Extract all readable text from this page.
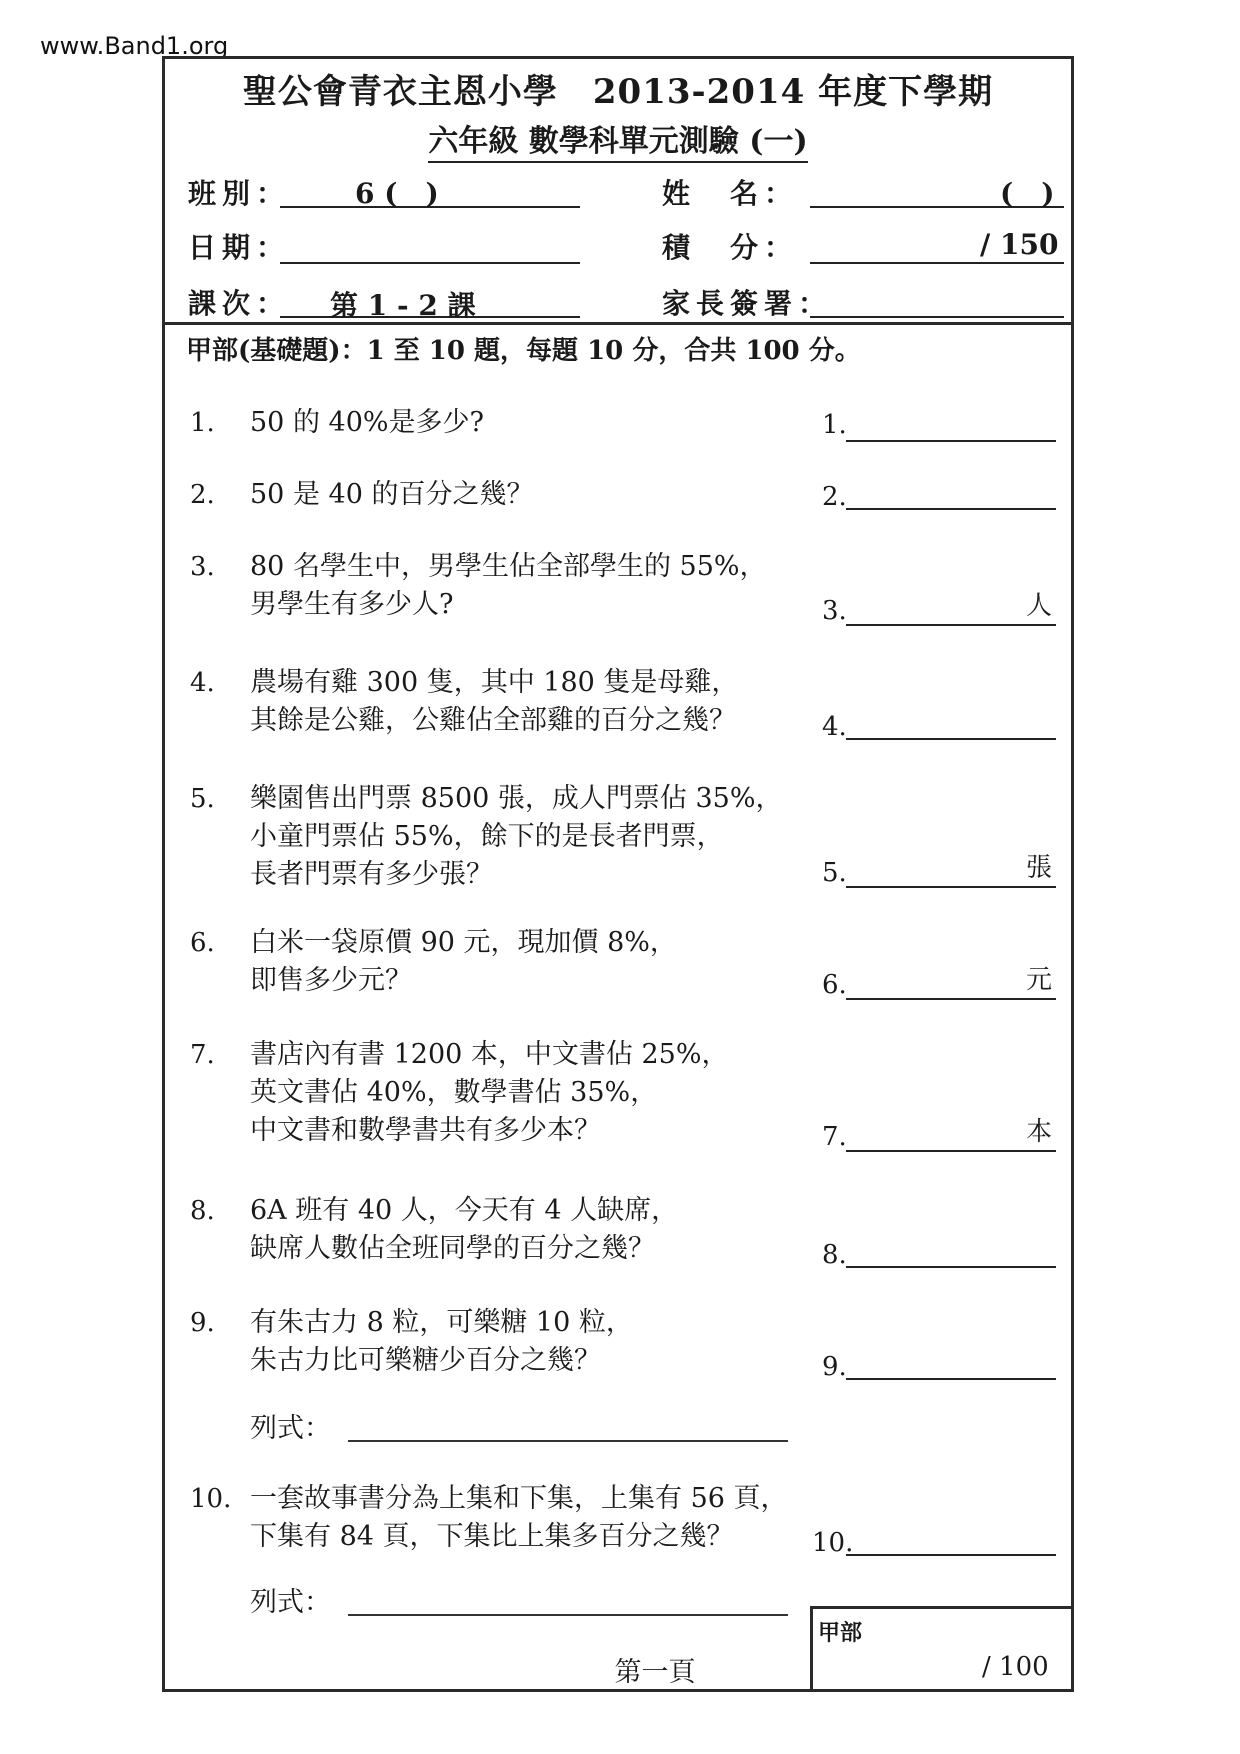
www.Band1.org
聖公會青衣主恩小學　2013-2014 年度下學期
六年級 數學科單元測驗 (一)
班別： 6 (　)	姓　名：	(　)
日期：	積　分：	/ 150
課次： 第 1 - 2 課	家長簽署：
甲部(基礎題)：1 至 10 題，每題 10 分，合共 100 分。
1.	50 的 40%是多少?	1.
2.	50 是 40 的百分之幾？	2.
3.	80 名學生中，男學生佔全部學生的 55%，
男學生有多少人?	3.	人
4.	農場有雞 300 隻，其中 180 隻是母雞，
其餘是公雞，公雞佔全部雞的百分之幾？	4.
5.	樂園售出門票 8500 張，成人門票佔 35%，
小童門票佔 55%，餘下的是長者門票，
長者門票有多少張？	5.	張
6.	白米一袋原價 90 元，現加價 8%，
即售多少元？	6.	元
7.	書店內有書 1200 本，中文書佔 25%，
英文書佔 40%，數學書佔 35%，
中文書和數學書共有多少本？	7.	本
8.	6A 班有 40 人，今天有 4 人缺席，
缺席人數佔全班同學的百分之幾？	8.
9.	有朱古力 8 粒，可樂糖 10 粒，
朱古力比可樂糖少百分之幾？	9.
列式：
10. 一套故事書分為上集和下集，上集有 56 頁，
下集有 84 頁，下集比上集多百分之幾？	10.
列式：
第一頁
甲部
/ 100
